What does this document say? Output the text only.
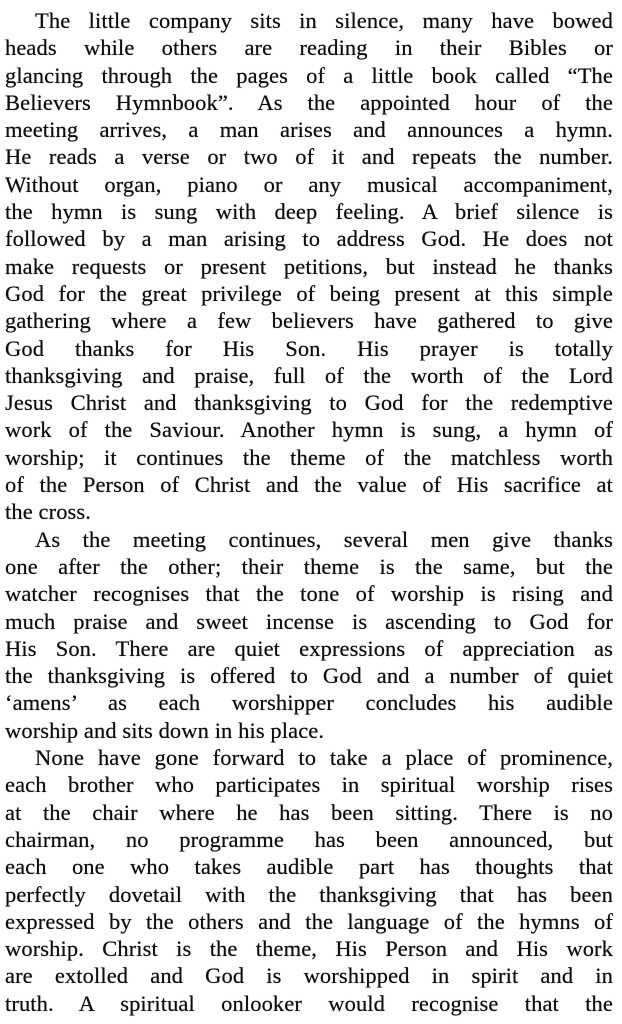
The little company sits in silence, many have bowed
heads while others are reading in their Bibles or
glancing through the pages of a little book called “The
Believers Hymnbook”. As the appointed hour of the
meeting arrives, a man arises and announces a hymn.
He reads a verse or two of it and repeats the number.
Without organ, piano or any musical accompaniment,
the hymn is sung with deep feeling. A brief silence is
followed by a man arising to address God. He does not
make requests or present petitions, but instead he thanks
God for the great privilege of being present at this simple
gathering where a few believers have gathered to give
God thanks for His Son. His prayer is totally
thanksgiving and praise, full of the worth of the Lord
Jesus Christ and thanksgiving to God for the redemptive
work of the Saviour. Another hymn is sung, a hymn of
worship; it continues the theme of the matchless worth
of the Person of Christ and the value of His sacrifice at
the cross.
As the meeting continues, several men give thanks
one after the other; their theme is the same, but the
watcher recognises that the tone of worship is rising and
much praise and sweet incense is ascending to God for
His Son. There are quiet expressions of appreciation as
the thanksgiving is offered to God and a number of quiet
‘amens’ as each worshipper concludes his audible
worship and sits down in his place.
None have gone forward to take a place of prominence,
each brother who participates in spiritual worship rises
at the chair where he has been sitting. There is no
chairman, no programme has been announced, but
each one who takes audible part has thoughts that
perfectly dovetail with the thanksgiving that has been
expressed by the others and the language of the hymns of
worship. Christ is the theme, His Person and His work
are extolled and God is worshipped in spirit and in
truth. A spiritual onlooker would recognise that the
